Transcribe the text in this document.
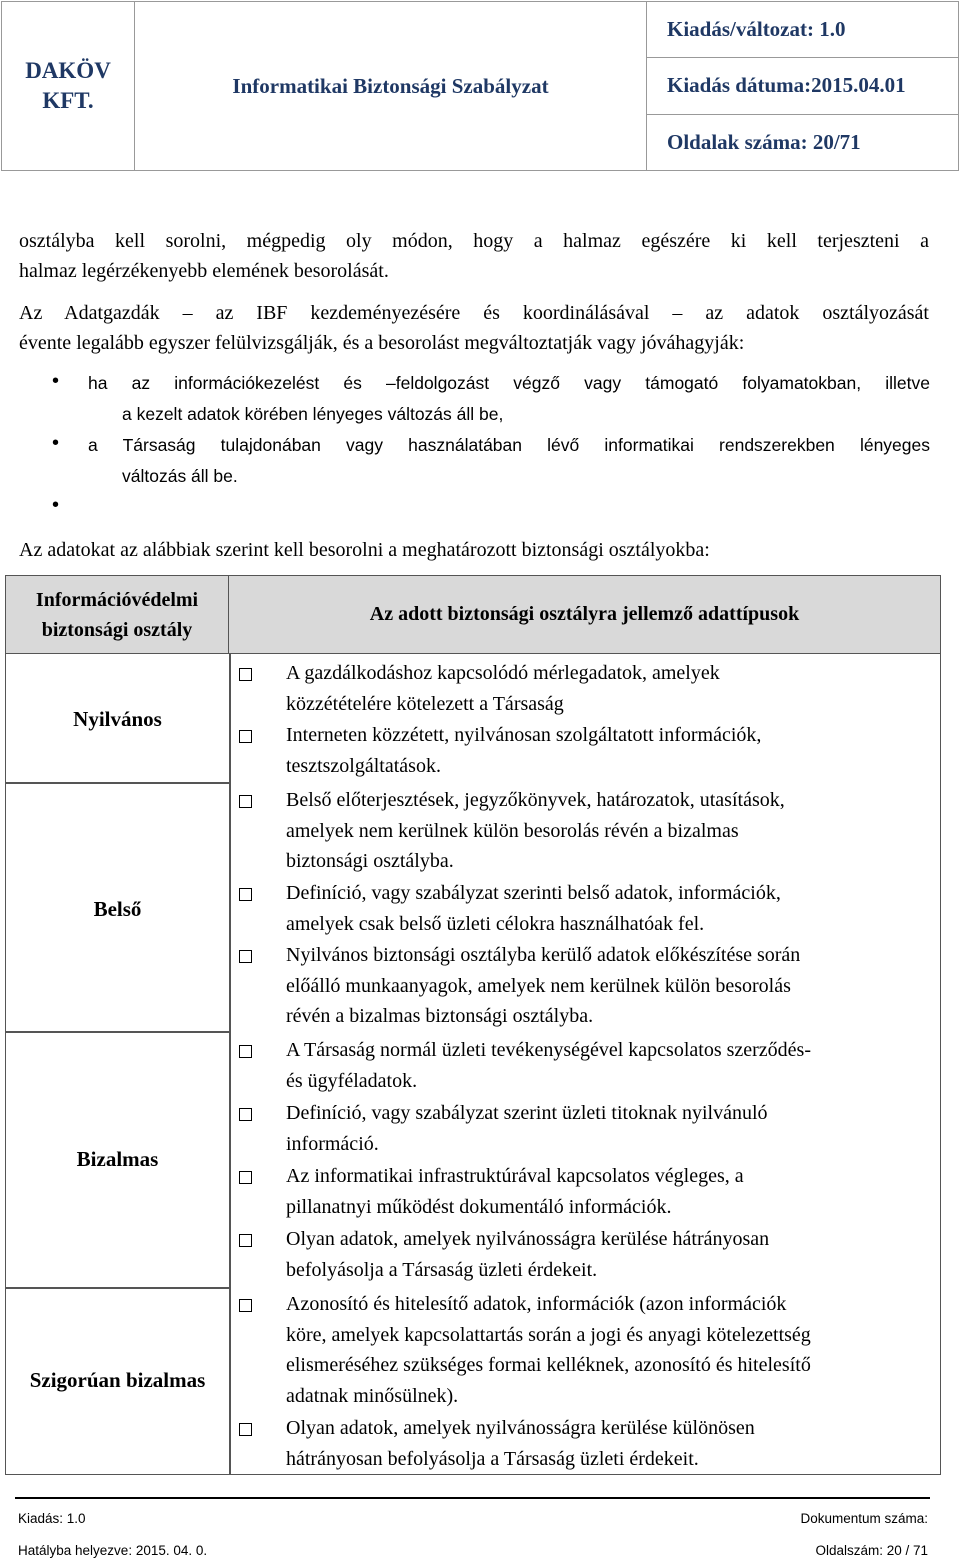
DAKÖV
KFT.
Informatikai Biztonsági Szabályzat
Kiadás/változat: 1.0
Kiadás dátuma:2015.04.01
Oldalak száma: 20/71
osztályba kell sorolni, mégpedig oly módon, hogy a halmaz egészére ki kell terjeszteni a
halmaz legérzékenyebb elemének besorolását.
Az Adatgazdák – az IBF kezdeményezésére és koordinálásával – az adatok osztályozását
évente legalább egyszer felülvizsgálják, és a besorolást megváltoztatják vagy jóváhagyják:
• ha az információkezelést és –feldolgozást végző vagy támogató folyamatokban, illetve
a kezelt adatok körében lényeges változás áll be,
• a Társaság tulajdonában vagy használatában lévő informatikai rendszerekben lényeges
változás áll be.
•
Az adatokat az alábbiak szerint kell besorolni a meghatározott biztonsági osztályokba:
Információvédelmi
biztonsági osztály
Az adott biztonsági osztályra jellemző adattípusok
Nyilvános
Belső
Bizalmas
Szigorúan bizalmas
A gazdálkodáshoz kapcsolódó mérlegadatok, amelyek
közzétételére kötelezett a Társaság
Interneten közzétett, nyilvánosan szolgáltatott információk,
tesztszolgáltatások.
Belső előterjesztések, jegyzőkönyvek, határozatok, utasítások,
amelyek nem kerülnek külön besorolás révén a bizalmas
biztonsági osztályba.
Definíció, vagy szabályzat szerinti belső adatok, információk,
amelyek csak belső üzleti célokra használhatóak fel.
Nyilvános biztonsági osztályba kerülő adatok előkészítése során
előálló munkaanyagok, amelyek nem kerülnek külön besorolás
révén a bizalmas biztonsági osztályba.
A Társaság normál üzleti tevékenységével kapcsolatos szerződés-
és ügyféladatok.
Definíció, vagy szabályzat szerint üzleti titoknak nyilvánuló
információ.
Az informatikai infrastruktúrával kapcsolatos végleges, a
pillanatnyi működést dokumentáló információk.
Olyan adatok, amelyek nyilvánosságra kerülése hátrányosan
befolyásolja a Társaság üzleti érdekeit.
Azonosító és hitelesítő adatok, információk (azon információk
köre, amelyek kapcsolattartás során a jogi és anyagi kötelezettség
elismeréséhez szükséges formai kelléknek, azonosító és hitelesítő
adatnak minősülnek).
Olyan adatok, amelyek nyilvánosságra kerülése különösen
hátrányosan befolyásolja a Társaság üzleti érdekeit.
Kiadás: 1.0	Dokumentum száma:
Hatályba helyezve: 2015. 04. 0.	Oldalszám: 20 / 71
